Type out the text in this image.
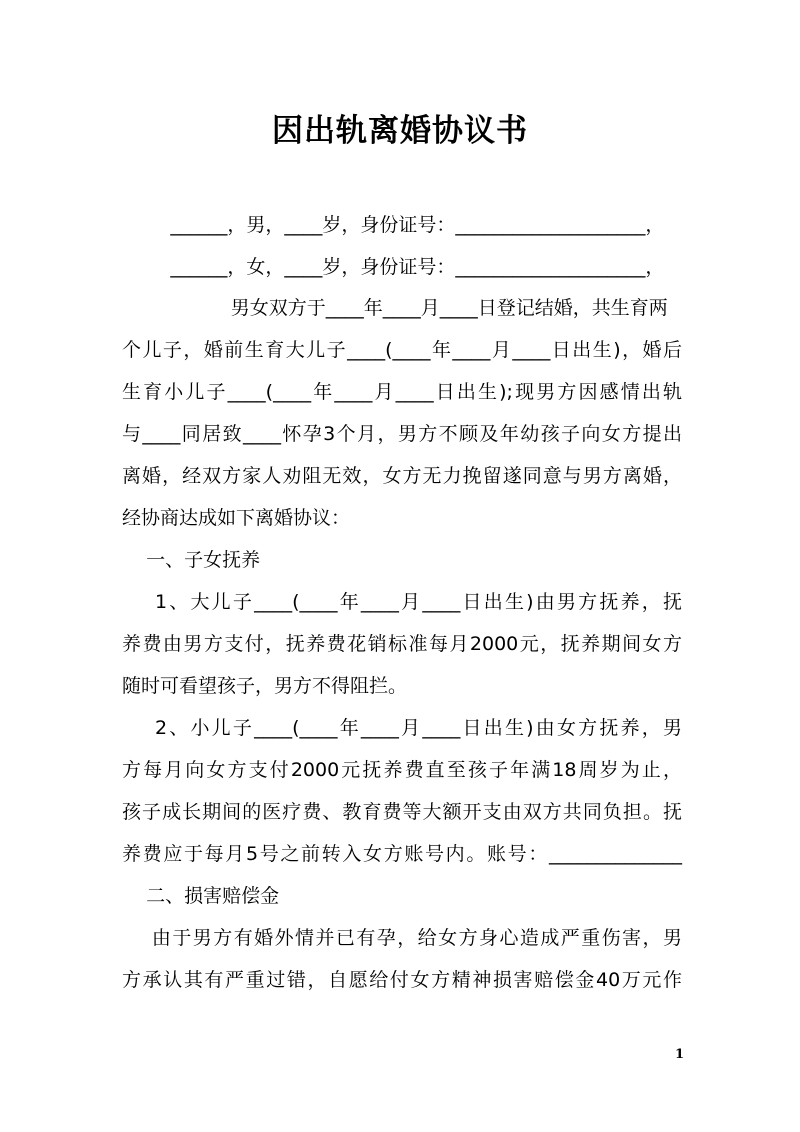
因出轨离婚协议书
______，男，____岁，身份证号：____________________，
______，女，____岁，身份证号：____________________，
男女双方于____年____月____日登记结婚，共生育两
个儿子，婚前生育大儿子____(____年____月____日出生)，婚后
生育小儿子____(____年____月____日出生);现男方因感情出轨
与____同居致____怀孕3个月，男方不顾及年幼孩子向女方提出
离婚，经双方家人劝阻无效，女方无力挽留遂同意与男方离婚，
经协商达成如下离婚协议：
一、子女抚养
1、大儿子____(____年____月____日出生)由男方抚养，抚
养费由男方支付，抚养费花销标准每月2000元，抚养期间女方
随时可看望孩子，男方不得阻拦。
2、小儿子____(____年____月____日出生)由女方抚养，男
方每月向女方支付2000元抚养费直至孩子年满18周岁为止，
孩子成长期间的医疗费、教育费等大额开支由双方共同负担。抚
养费应于每月5号之前转入女方账号内。账号：______________
二、损害赔偿金
由于男方有婚外情并已有孕，给女方身心造成严重伤害，男
方承认其有严重过错，自愿给付女方精神损害赔偿金40万元作
1
